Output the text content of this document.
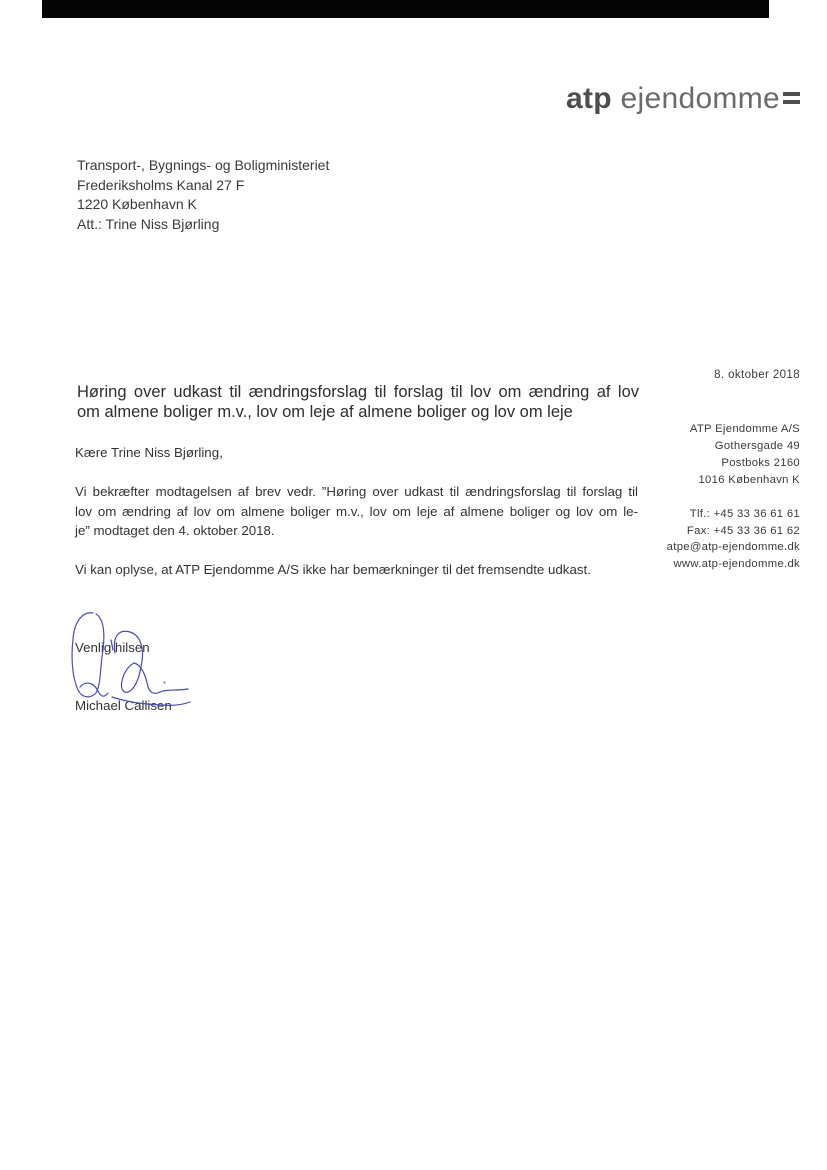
atp ejendomme
Transport-, Bygnings- og Boligministeriet
Frederiksholms Kanal 27 F
1220 København K
Att.: Trine Niss Bjørling
8. oktober 2018
ATP Ejendomme A/S
Gothersgade 49
Postboks 2160
1016 København K
Tlf.: +45 33 36 61 61
Fax: +45 33 36 61 62
atpe@atp-ejendomme.dk
www.atp-ejendomme.dk
Høring over udkast til ændringsforslag til forslag til lov om ændring af lov
om almene boliger m.v., lov om leje af almene boliger og lov om leje

Kære Trine Niss Bjørling,

Vi bekræfter modtagelsen af brev vedr. ”Høring over udkast til ændringsforslag til forslag til
lov om ændring af lov om almene boliger m.v., lov om leje af almene boliger og lov om le-
je” modtaget den 4. oktober 2018.

Vi kan oplyse, at ATP Ejendomme A/S ikke har bemærkninger til det fremsendte udkast.

Venlig hilsen
Michael Callisen
